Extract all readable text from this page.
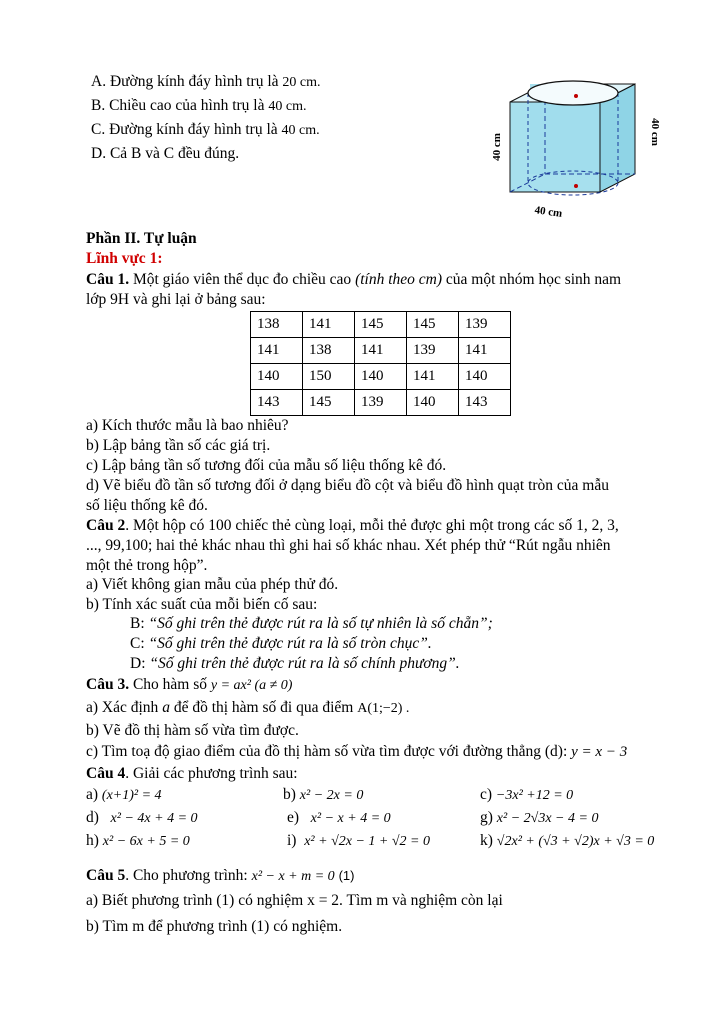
A. Đường kính đáy hình trụ là 20 cm.
B. Chiều cao của hình trụ là 40 cm.
C. Đường kính đáy hình trụ là 40 cm.
D. Cả B và C đều đúng.	40 cm
40 cm
40 cm
Phần II. Tự luận
Lĩnh vực 1:
Câu 1. Một giáo viên thể dục đo chiều cao (tính theo cm) của một nhóm học sinh nam
lớp 9H và ghi lại ở bảng sau:
138	141	145	145	139
141	138	141	139	141
140	150	140	141	140
143	145	139	140	143
a) Kích thước mẫu là bao nhiêu?
b) Lập bảng tần số các giá trị.
c) Lập bảng tần số tương đối của mẫu số liệu thống kê đó.
d) Vẽ biểu đồ tần số tương đối ở dạng biểu đồ cột và biểu đồ hình quạt tròn của mẫu
số liệu thống kê đó.
Câu 2. Một hộp có 100 chiếc thẻ cùng loại, mỗi thẻ được ghi một trong các số 1, 2, 3,
..., 99,100; hai thẻ khác nhau thì ghi hai số khác nhau. Xét phép thử “Rút ngẫu nhiên
một thẻ trong hộp”.
a) Viết không gian mẫu của phép thử đó.
b) Tính xác suất của mỗi biến cố sau:
B: “Số ghi trên thẻ được rút ra là số tự nhiên là số chẵn”;
C: “Số ghi trên thẻ được rút ra là số tròn chục”.
D: “Số ghi trên thẻ được rút ra là số chính phương”.
Câu 3. Cho hàm số y = ax² (a ≠ 0)
a) Xác định a để đồ thị hàm số đi qua điểm A(1;−2) .
b) Vẽ đồ thị hàm số vừa tìm được.
c) Tìm toạ độ giao điểm của đồ thị hàm số vừa tìm được với đường thẳng (d): y = x − 3
Câu 4. Giải các phương trình sau:
a) (x+1)² = 4	b) x² − 2x = 0	c) −3x² +12 = 0
d) x² − 4x + 4 = 0	e) x² − x + 4 = 0	g) x² − 2√3x − 4 = 0
h) x² − 6x + 5 = 0	i) x² + √2x − 1 + √2 = 0	k) √2x² + (√3 + √2)x + √3 = 0
Câu 5. Cho phương trình: x² − x + m = 0 (1)
a) Biết phương trình (1) có nghiệm x = 2. Tìm m và nghiệm còn lại
b) Tìm m để phương trình (1) có nghiệm.
